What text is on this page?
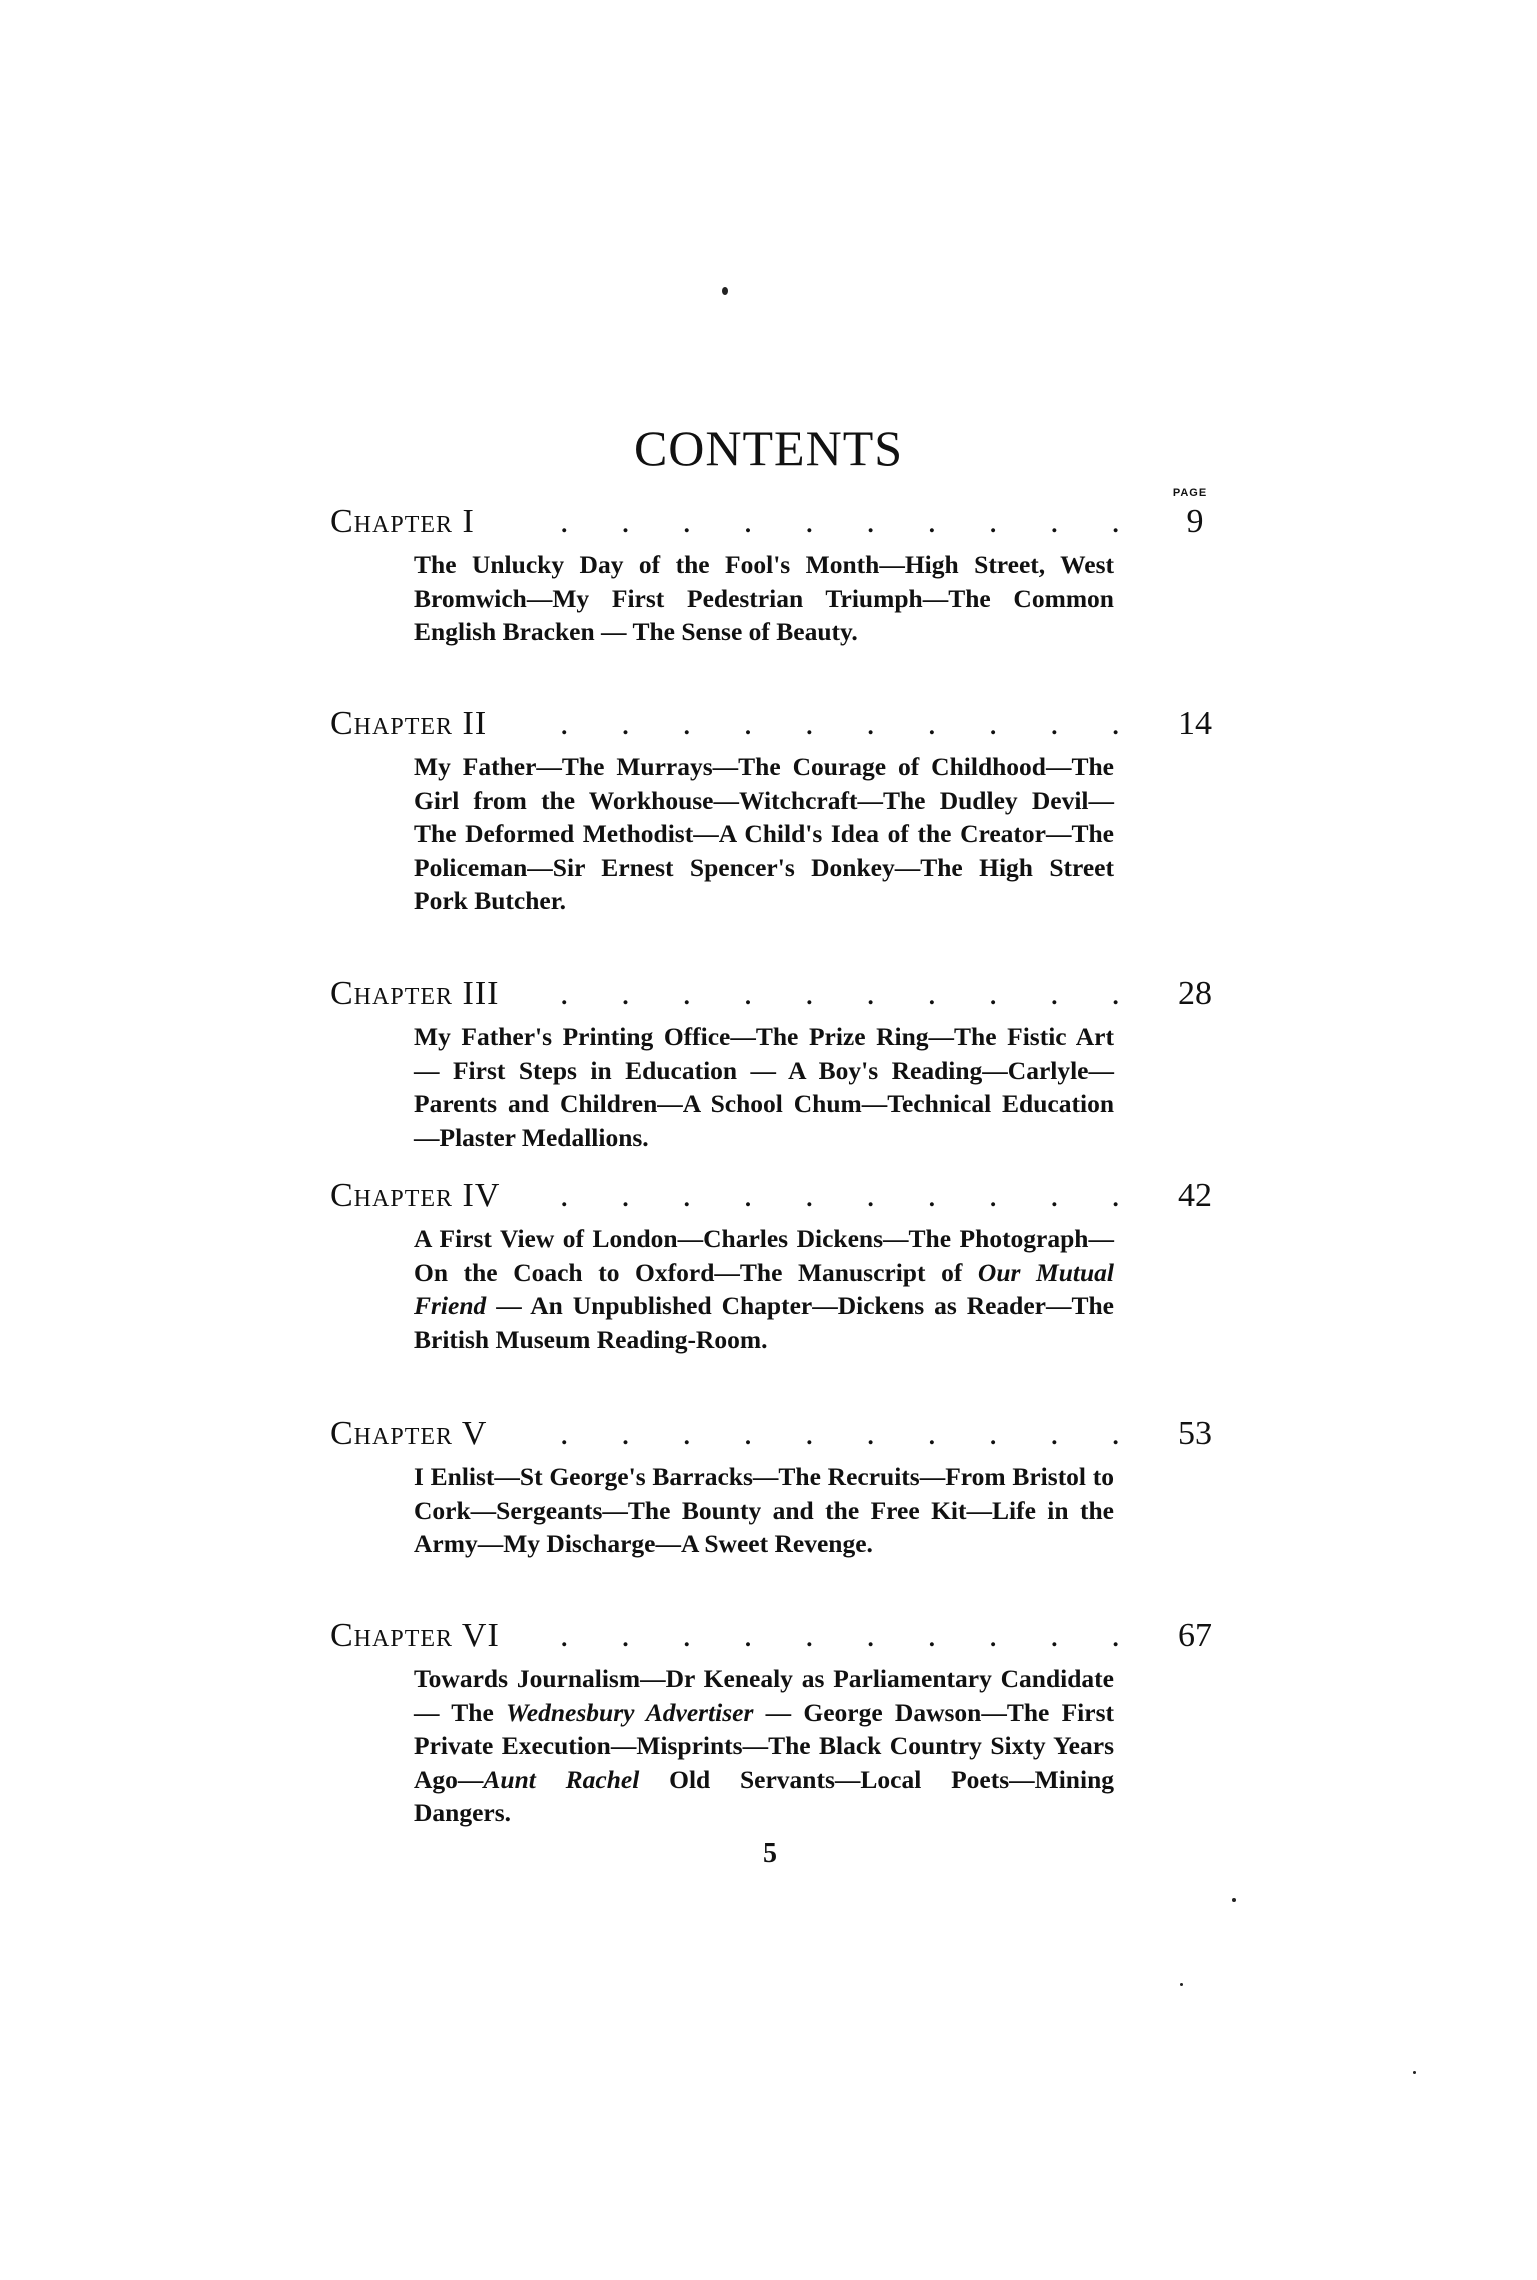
CONTENTS
PAGE
Chapter I	. . . . . . . . . .	9

The Unlucky Day of the Fool's Month—High Street, West Bromwich—My First Pedestrian Triumph—The Common English Bracken — The Sense of Beauty.

Chapter II . . . . . . . . . .	14

My Father—The Murrays—The Courage of Childhood—The Girl from the Workhouse—Witchcraft—The Dudley Devil—The Deformed Methodist—A Child's Idea of the Creator—The Policeman—Sir Ernest Spencer's Donkey—The High Street Pork Butcher.

Chapter III . . . . . . . . . .	28

My Father's Printing Office—The Prize Ring—The Fistic Art — First Steps in Education — A Boy's Reading—Carlyle—Parents and Children—A School Chum—Technical Education—Plaster Medallions.

Chapter IV . . . . . . . . . .	42

A First View of London—Charles Dickens—The Photograph—On the Coach to Oxford—The Manuscript of Our Mutual Friend — An Unpublished Chapter—Dickens as Reader—The British Museum Reading-Room.

Chapter V . . . . . . . . . .	53

I Enlist—St George's Barracks—The Recruits—From Bristol to Cork—Sergeants—The Bounty and the Free Kit—Life in the Army—My Discharge—A Sweet Revenge.

Chapter VI . . . . . . . . . .	67

Towards Journalism—Dr Kenealy as Parliamentary Candidate — The Wednesbury Advertiser — George Dawson—The First Private Execution—Misprints—The Black Country Sixty Years Ago—Aunt Rachel Old Servants—Local Poets—Mining Dangers.

5
